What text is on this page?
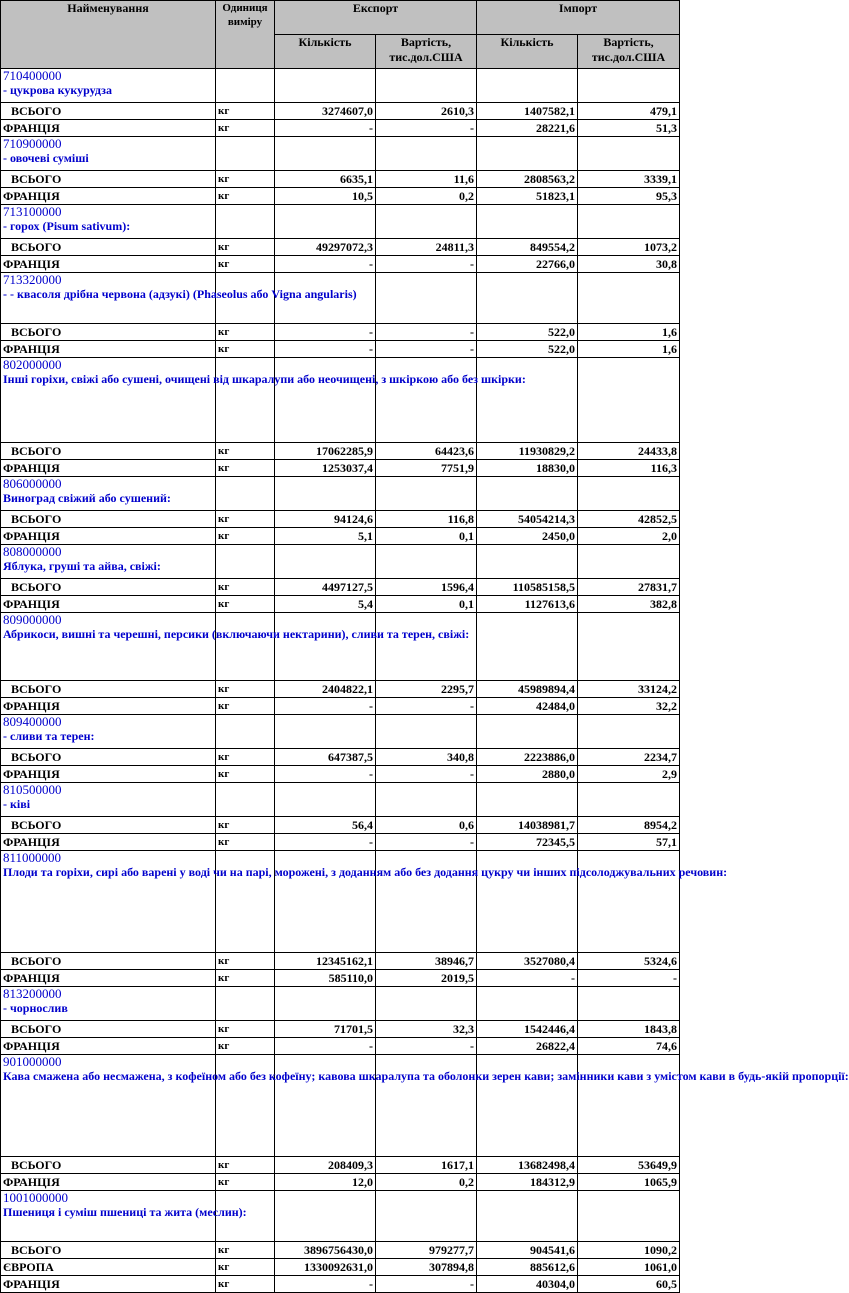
Найменування	Одиниця виміру	Експорт		Імпорт	
		Кількість	Вартість, тис.дол.США	Кількість	Вартість, тис.дол.США

710400000
- цукрова кукурудза					

ВСЬОГО	кг	3274607,0	2610,3	1407582,1	479,1
ФРАНЦІЯ	кг	-	-	28221,6	51,3

710900000
- овочеві суміші					

ВСЬОГО	кг	6635,1	11,6	2808563,2	3339,1
ФРАНЦІЯ	кг	10,5	0,2	51823,1	95,3

713100000
- горох (Pisum sativum):					

ВСЬОГО	кг	49297072,3	24811,3	849554,2	1073,2
ФРАНЦІЯ	кг	-	-	22766,0	30,8

713320000
- - квасоля дрібна червона (адзукі) (Phaseolus або Vigna angularis)					

ВСЬОГО	кг	-	-	522,0	1,6
ФРАНЦІЯ	кг	-	-	522,0	1,6

802000000
Інші горіхи, свіжі або сушені, очищені від шкаралупи або неочищені, з шкіркою або без шкірки:					

ВСЬОГО	кг	17062285,9	64423,6	11930829,2	24433,8
ФРАНЦІЯ	кг	1253037,4	7751,9	18830,0	116,3

806000000
Виноград свіжий або сушений:					

ВСЬОГО	кг	94124,6	116,8	54054214,3	42852,5
ФРАНЦІЯ	кг	5,1	0,1	2450,0	2,0

808000000
Яблука, груші та айва, свіжі:					

ВСЬОГО	кг	4497127,5	1596,4	110585158,5	27831,7
ФРАНЦІЯ	кг	5,4	0,1	1127613,6	382,8

809000000
Абрикоси, вишні та черешні, персики (включаючи нектарини), сливи та терен, свіжі:					

ВСЬОГО	кг	2404822,1	2295,7	45989894,4	33124,2
ФРАНЦІЯ	кг	-	-	42484,0	32,2

809400000
- сливи та терен:					

ВСЬОГО	кг	647387,5	340,8	2223886,0	2234,7
ФРАНЦІЯ	кг	-	-	2880,0	2,9

810500000
- ківі					

ВСЬОГО	кг	56,4	0,6	14038981,7	8954,2
ФРАНЦІЯ	кг	-	-	72345,5	57,1

811000000
Плоди та горіхи, сирі або варені у воді чи на парі, морожені, з доданням або без додання цукру чи інших підсолоджувальних речовин:					

ВСЬОГО	кг	12345162,1	38946,7	3527080,4	5324,6
ФРАНЦІЯ	кг	585110,0	2019,5	-	-

813200000
- чорнослив					

ВСЬОГО	кг	71701,5	32,3	1542446,4	1843,8
ФРАНЦІЯ	кг	-	-	26822,4	74,6

901000000
Кава смажена або несмажена, з кофеїном або без кофеїну; кавова шкаралупа та оболонки зерен кави; замінники кави з умістом кави в будь-якій пропорції:					

ВСЬОГО	кг	208409,3	1617,1	13682498,4	53649,9
ФРАНЦІЯ	кг	12,0	0,2	184312,9	1065,9

1001000000
Пшениця і суміш пшениці та жита (меслин):					

ВСЬОГО	кг	3896756430,0	979277,7	904541,6	1090,2
ЄВРОПА	кг	1330092631,0	307894,8	885612,6	1061,0
ФРАНЦІЯ	кг	-	-	40304,0	60,5
